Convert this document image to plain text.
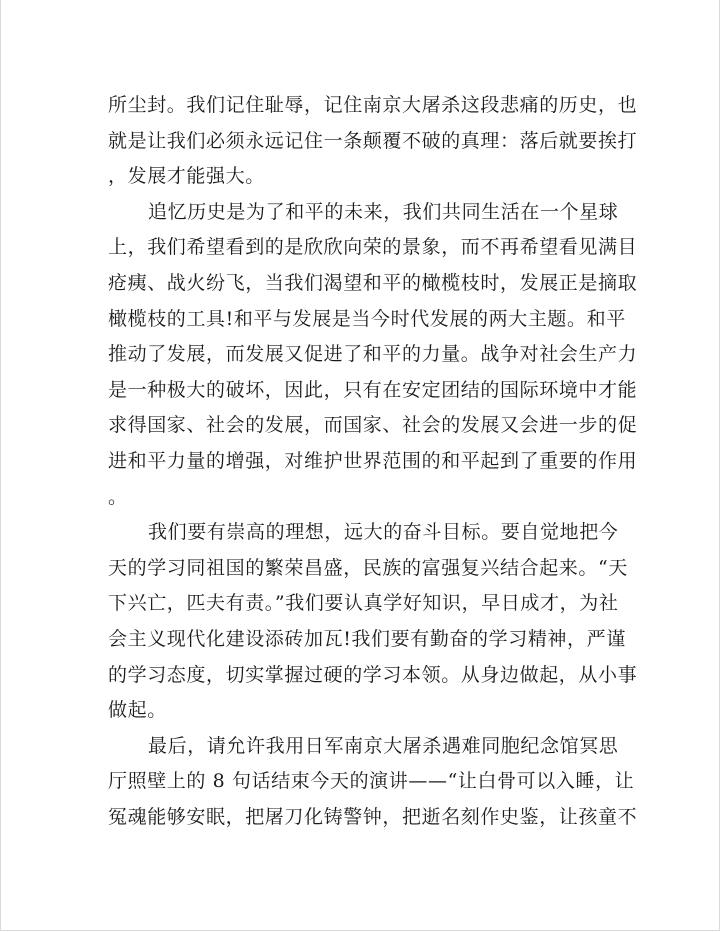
所尘封。我们记住耻辱，记住南京大屠杀这段悲痛的历史，也
就是让我们必须永远记住一条颠覆不破的真理：落后就要挨打
，发展才能强大。
追忆历史是为了和平的未来，我们共同生活在一个星球
上，我们希望看到的是欣欣向荣的景象，而不再希望看见满目
疮痍、战火纷飞，当我们渴望和平的橄榄枝时，发展正是摘取
橄榄枝的工具!和平与发展是当今时代发展的两大主题。和平
推动了发展，而发展又促进了和平的力量。战争对社会生产力
是一种极大的破坏，因此，只有在安定团结的国际环境中才能
求得国家、社会的发展，而国家、社会的发展又会进一步的促
进和平力量的增强，对维护世界范围的和平起到了重要的作用
。
我们要有崇高的理想，远大的奋斗目标。要自觉地把今
天的学习同祖国的繁荣昌盛，民族的富强复兴结合起来。“天
下兴亡，匹夫有责。”我们要认真学好知识，早日成才，为社
会主义现代化建设添砖加瓦!我们要有勤奋的学习精神，严谨
的学习态度，切实掌握过硬的学习本领。从身边做起，从小事
做起。
最后，请允许我用日军南京大屠杀遇难同胞纪念馆冥思
厅照壁上的 8 句话结束今天的演讲——“让白骨可以入睡，让
冤魂能够安眠，把屠刀化铸警钟，把逝名刻作史鉴，让孩童不
